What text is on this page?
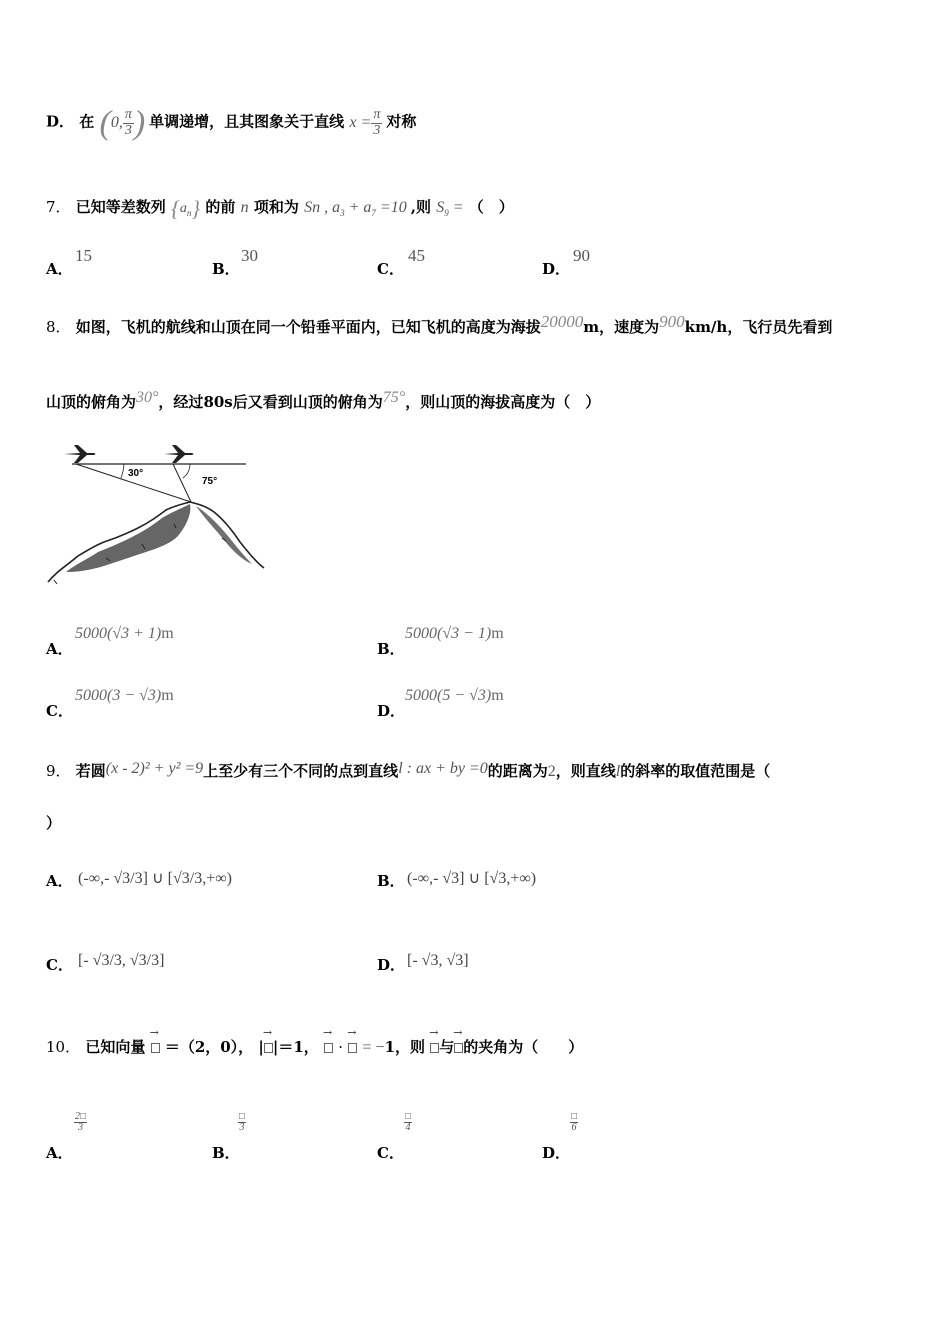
D． 在 (0, $\frac{\pi}{3}$ ) 单调递增，且其图象关于直线 $x = \frac{\pi}{3}$ 对称
7． 已知等差数列 $\{a_n\}$ 的前 n 项和为 Sn , $a_3 + a_7 =10$ ,则 $S_9$ = （　）
A．
15
B．
30
C．
45
D．
90
8． 如图，飞机的航线和山顶在同一个铅垂平面内，已知飞机的高度为海拔20000m，速度为900km/h，飞行员先看到
山顶的俯角为30°，经过80s后又看到山顶的俯角为75°，则山顶的海拔高度为（　）
30°
75°
A．
5000(√3 + 1)m
B．
5000(√3 − 1)m
C．
5000(3 − √3)m
D．
5000(5 − √3)m
9． 若圆(x - 2)² + y² =9上至少有三个不同的点到直线l : ax + by =0的距离为2，则直线l的斜率的取值范围是（
）
A． (-∞,- √3/3] ∪ [√3/3,+∞)	B． (-∞,- √3] ∪ [√3,+∞)
C． [- √3/3, √3/3]	D． [- √3, √3]
10． 已知向量 → ＝（2，0）， | → |＝1， → · → = −1，则 → 与 → 的夹角为（　　）
A．
2□
3
B．
□
3
C．
□
4
D．
□
6
